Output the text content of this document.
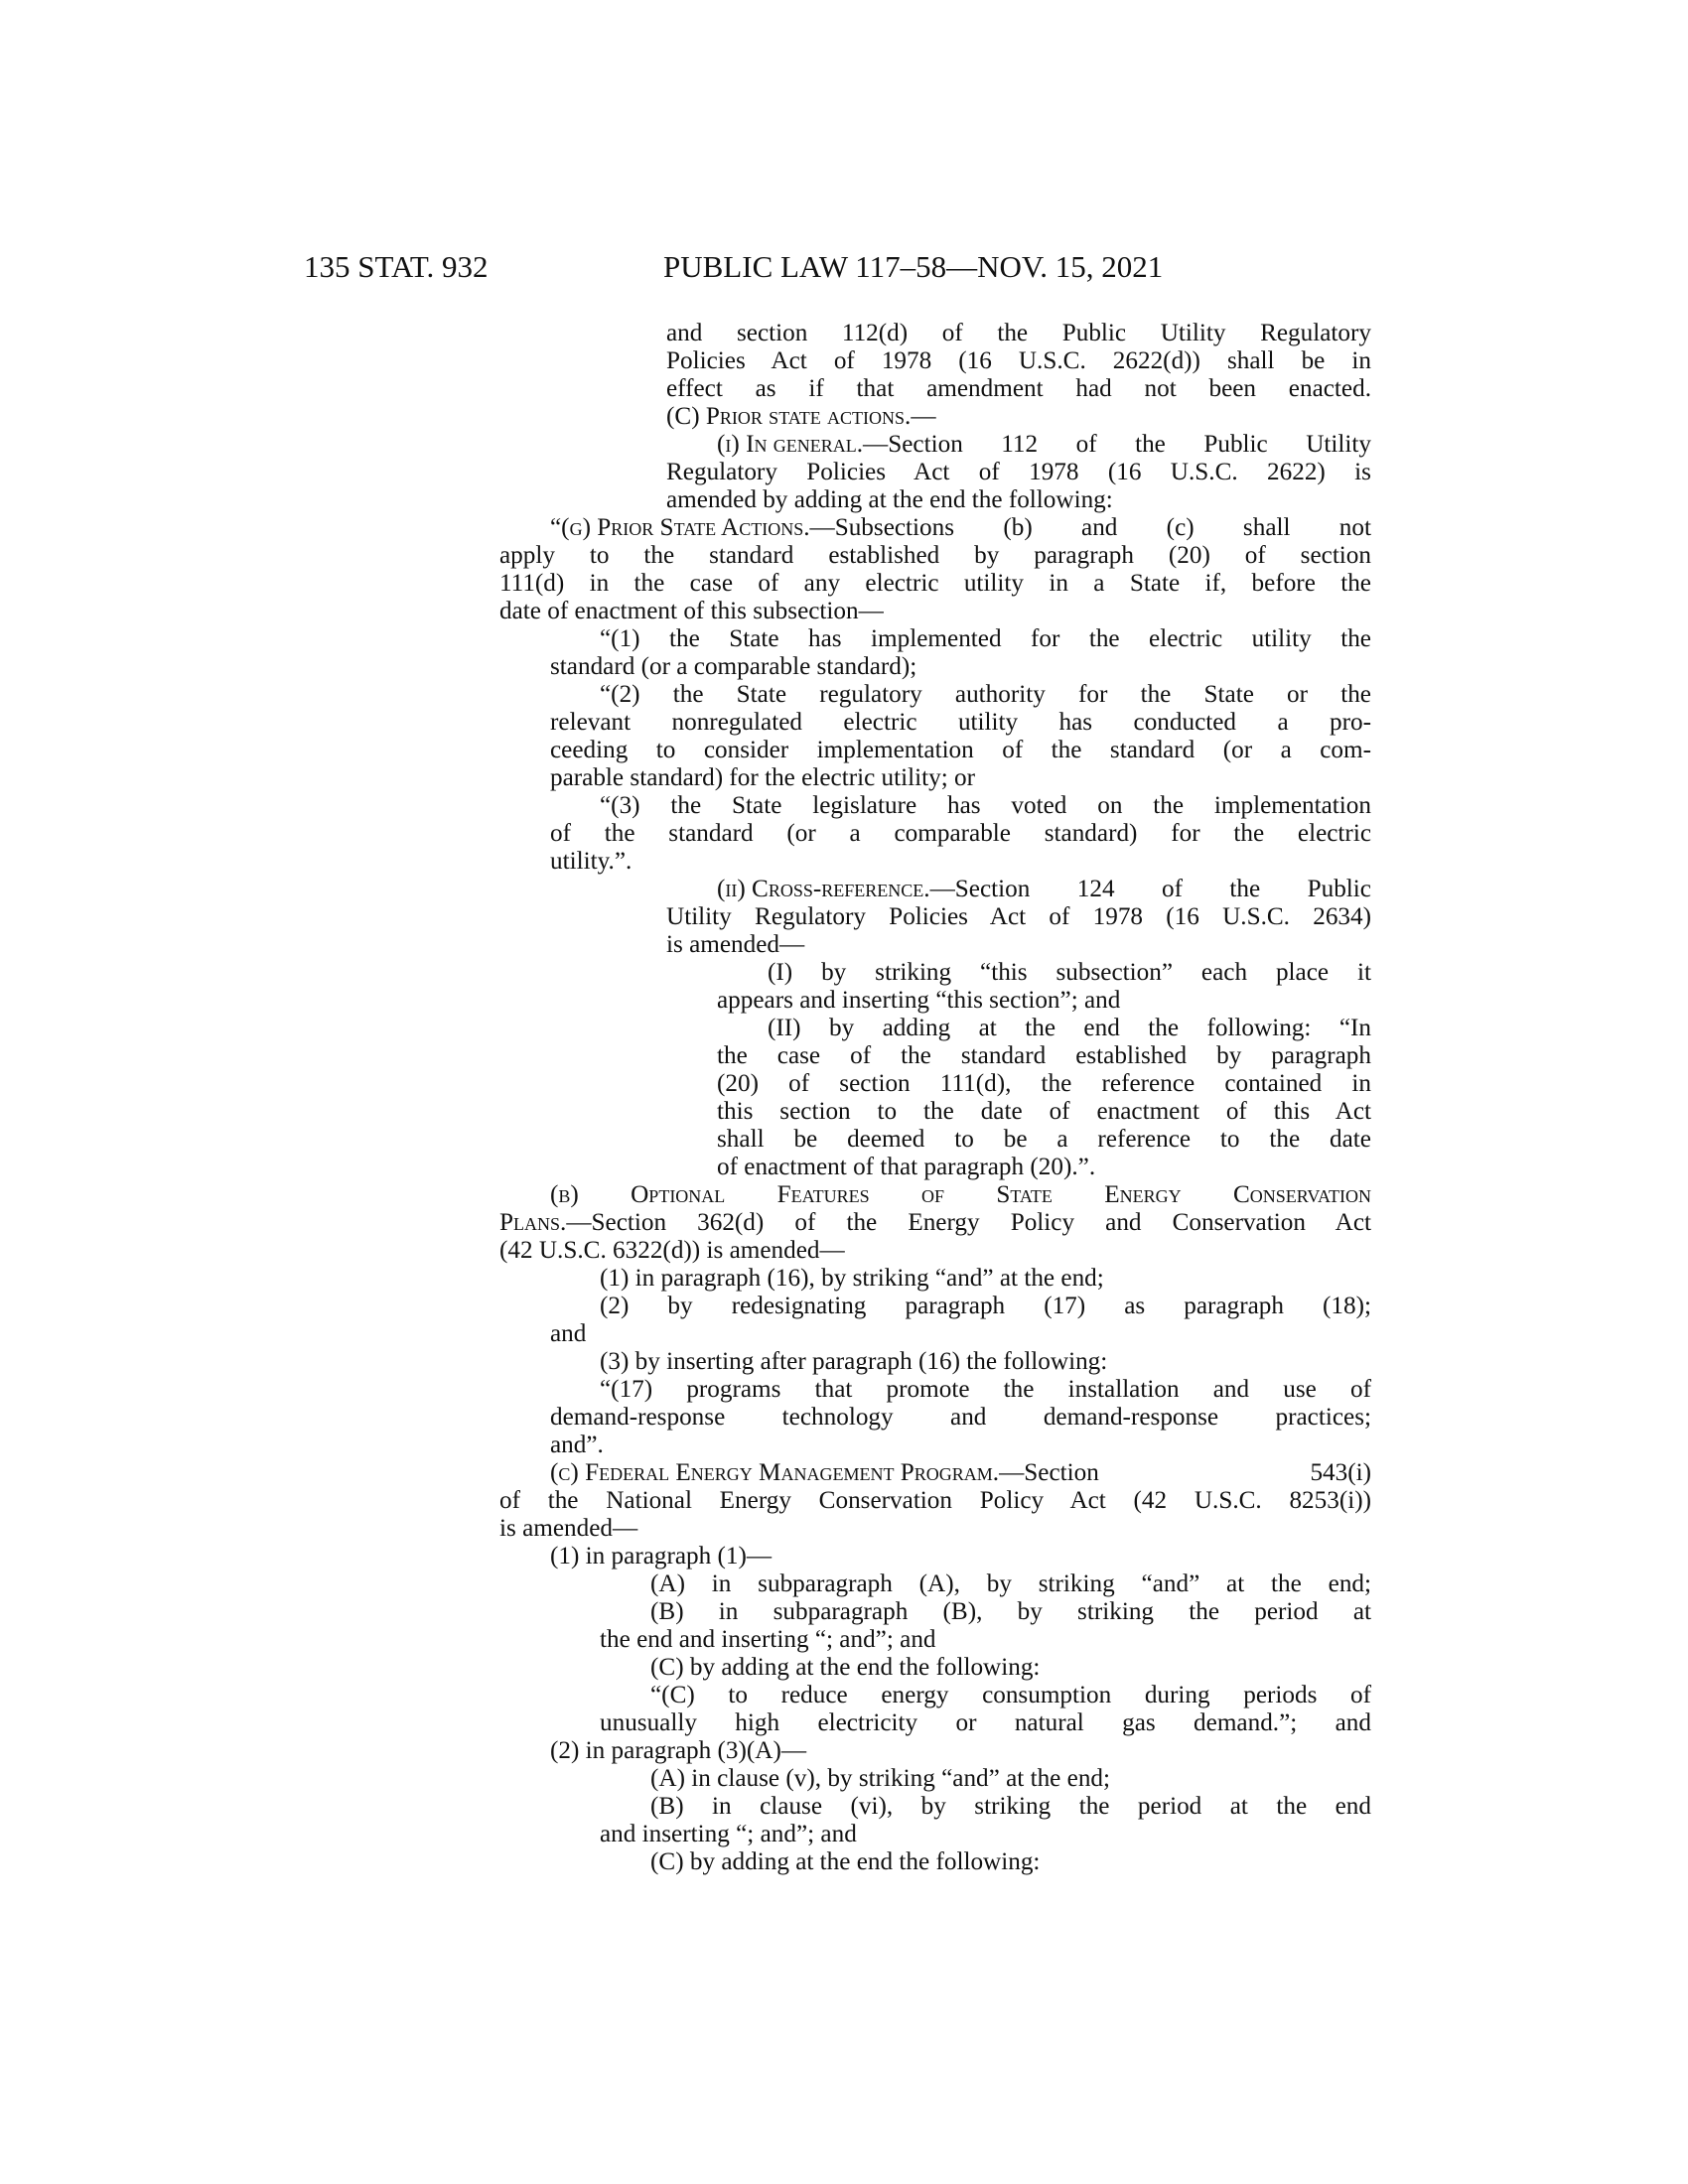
135 STAT. 932	PUBLIC LAW 117–58—NOV. 15, 2021
and section 112(d) of the Public Utility Regulatory
Policies Act of 1978 (16 U.S.C. 2622(d)) shall be in
effect as if that amendment had not been enacted.
(C) Prior state actions.—
(i) In general. —Section 112 of the Public Utility
Regulatory Policies Act of 1978 (16 U.S.C. 2622) is
amended by adding at the end the following:
“(g) Prior State Actions. —Subsections (b) and (c) shall not
apply to the standard established by paragraph (20) of section
111(d) in the case of any electric utility in a State if, before the
date of enactment of this subsection—
“(1) the State has implemented for the electric utility the
standard (or a comparable standard);
“(2) the State regulatory authority for the State or the
relevant nonregulated electric utility has conducted a pro-
ceeding to consider implementation of the standard (or a com-
parable standard) for the electric utility; or
“(3) the State legislature has voted on the implementation
of the standard (or a comparable standard) for the electric
utility.”.
(ii) Cross-reference. —Section 124 of the Public
Utility Regulatory Policies Act of 1978 (16 U.S.C. 2634)
is amended—
(I) by striking “this subsection” each place it
appears and inserting “this section”; and
(II) by adding at the end the following: “In
the case of the standard established by paragraph
(20) of section 111(d), the reference contained in
this section to the date of enactment of this Act
shall be deemed to be a reference to the date
of enactment of that paragraph (20).”.
(b) Optional Features of State Energy Conservation
Plans. —Section 362(d) of the Energy Policy and Conservation Act
(42 U.S.C. 6322(d)) is amended—
(1) in paragraph (16), by striking “and” at the end;
(2) by redesignating paragraph (17) as paragraph (18);
and
(3) by inserting after paragraph (16) the following:
“(17) programs that promote the installation and use of
demand-response technology and demand-response practices;
and”.
(c) Federal Energy Management Program. —Section 543(i)
of the National Energy Conservation Policy Act (42 U.S.C. 8253(i))
is amended—
(1) in paragraph (1)—
(A) in subparagraph (A), by striking “and” at the end;
(B) in subparagraph (B), by striking the period at
the end and inserting “; and”; and
(C) by adding at the end the following:
“(C) to reduce energy consumption during periods of
unusually high electricity or natural gas demand.”; and
(2) in paragraph (3)(A)—
(A) in clause (v), by striking “and” at the end;
(B) in clause (vi), by striking the period at the end
and inserting “; and”; and
(C) by adding at the end the following:
